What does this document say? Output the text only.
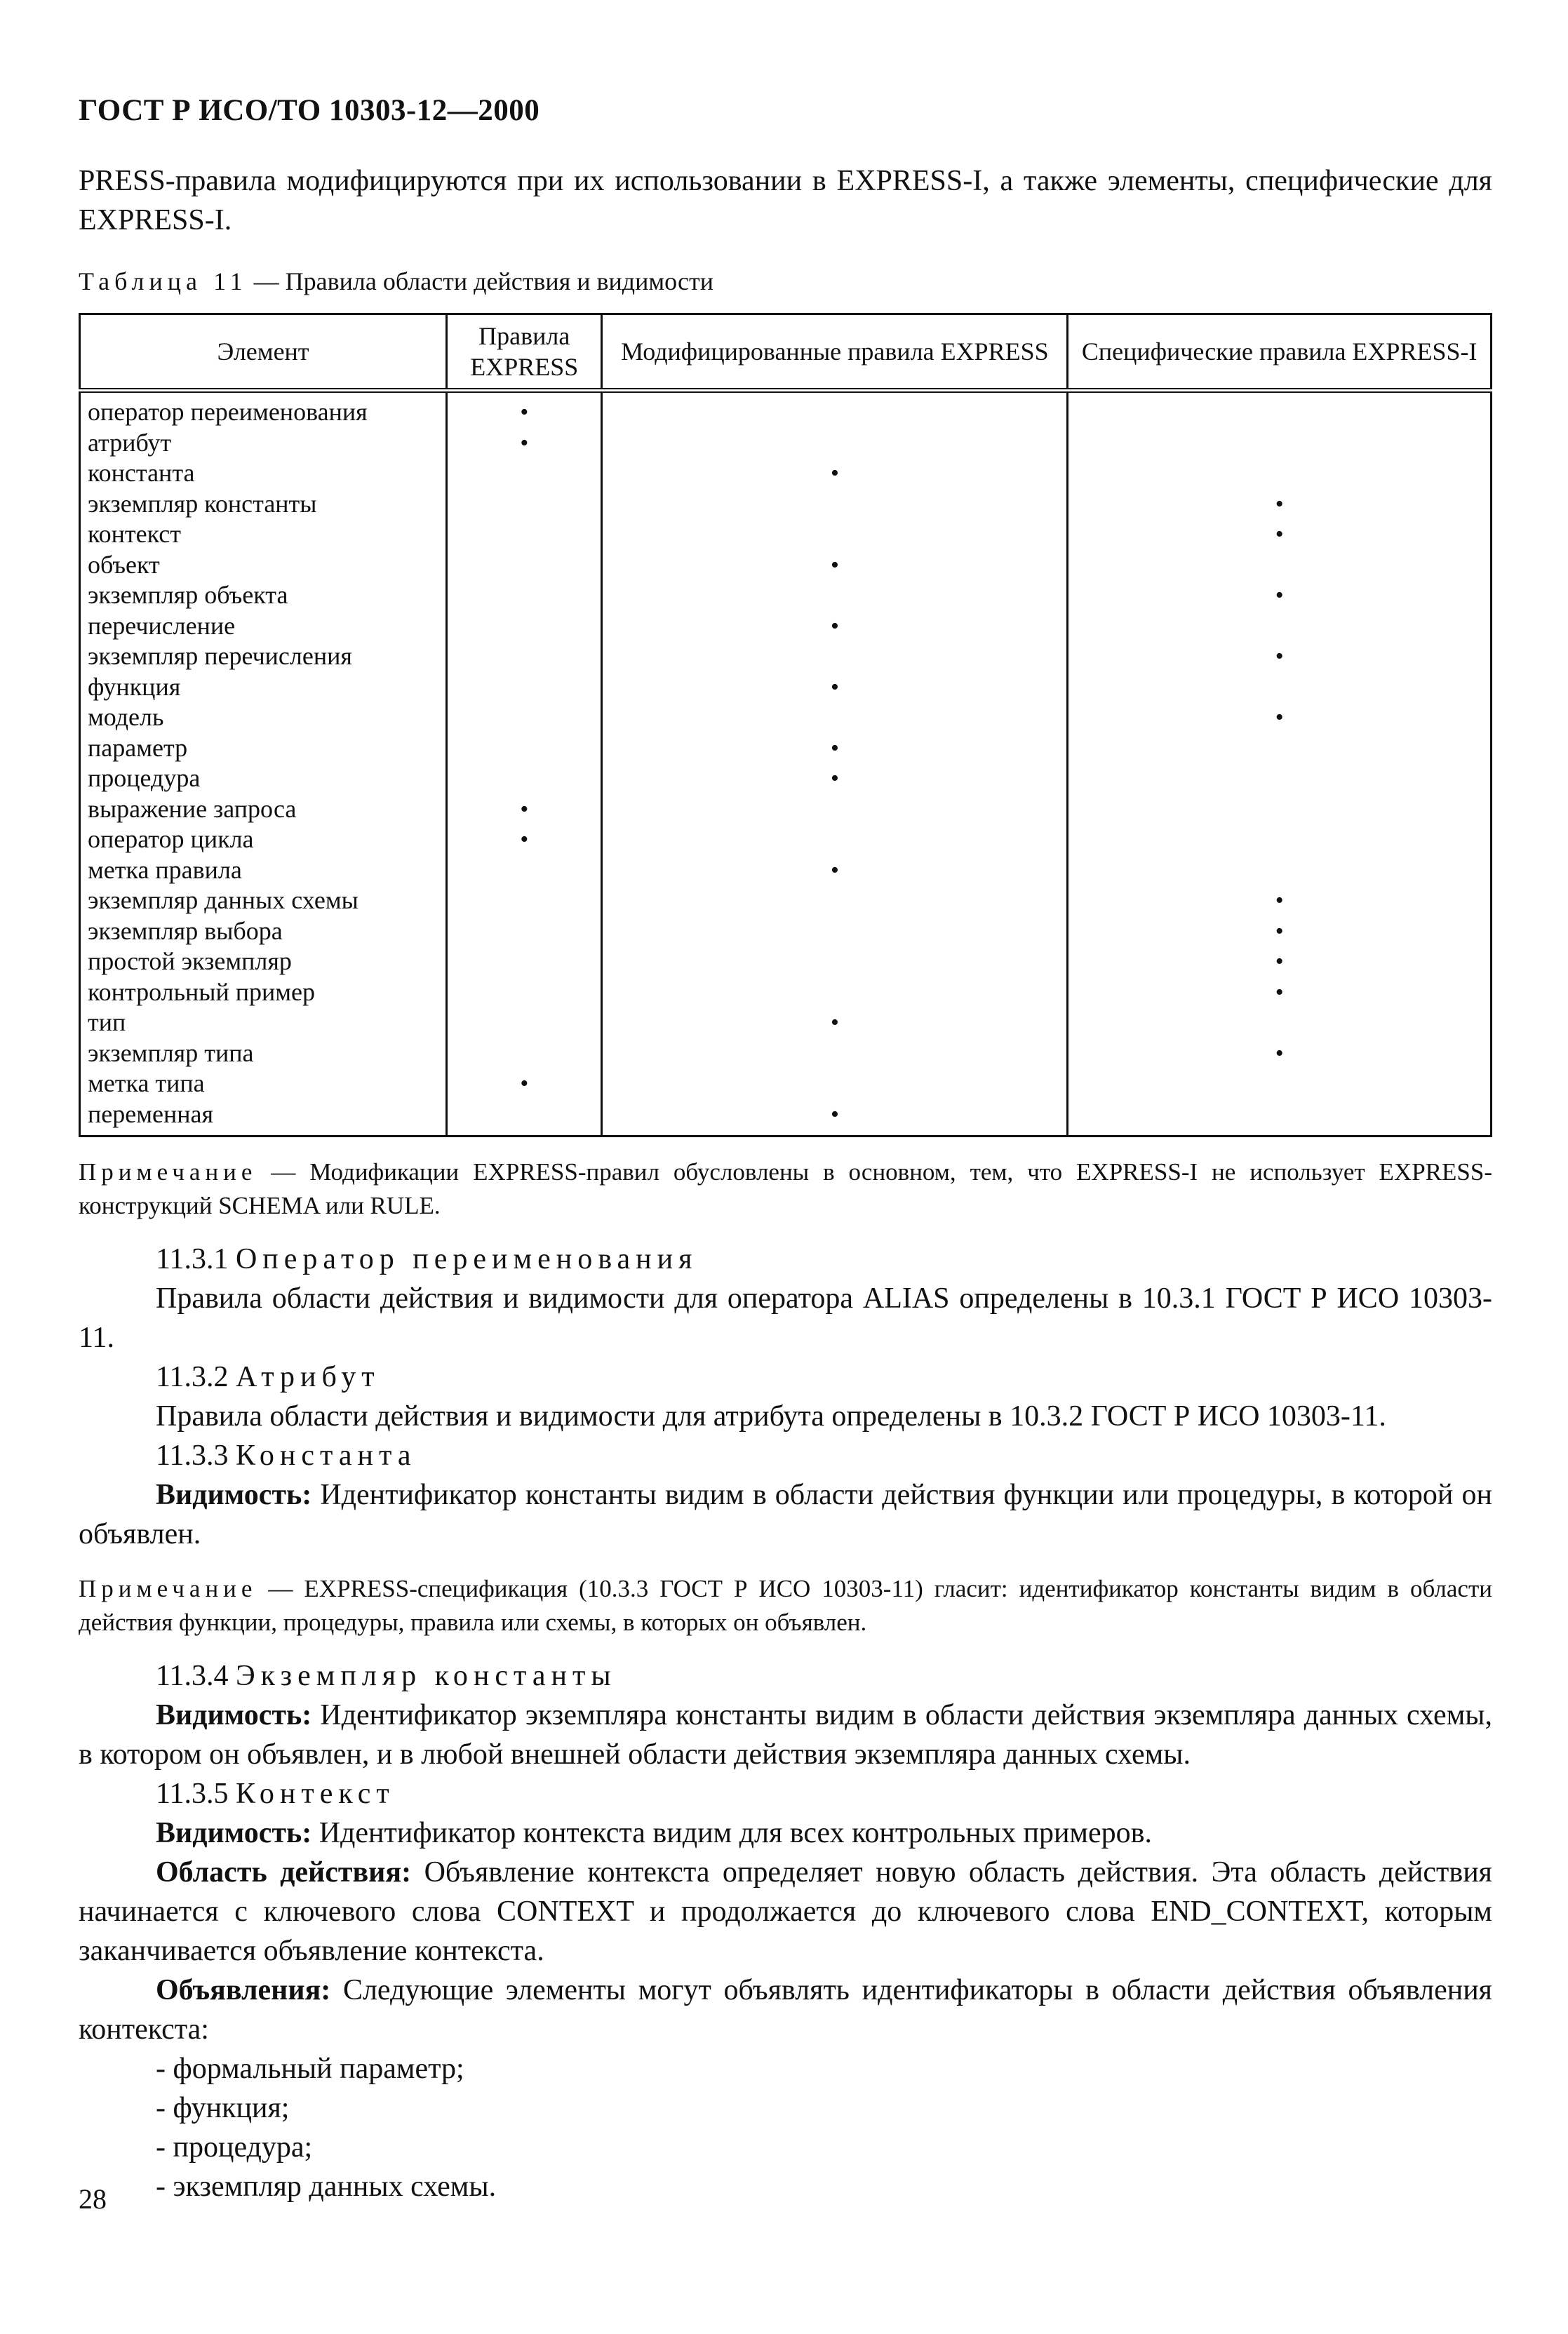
ГОСТ Р ИСО/ТО 10303-12—2000

PRESS-правила модифицируются при их использовании в EXPRESS-I, а также элементы, специфические для EXPRESS-I.

Таблица 11 — Правила области действия и видимости

Элемент	Правила EXPRESS	Модифицированные правила EXPRESS	Специфические правила EXPRESS-I
оператор переименования	•		
атрибут	•		
константа		•	
экземпляр константы			•
контекст			•
объект		•	
экземпляр объекта			•
перечисление		•	
экземпляр перечисления			•
функция		•	
модель			•
параметр		•	
процедура		•	
выражение запроса	•		
оператор цикла	•		
метка правила		•	
экземпляр данных схемы			•
экземпляр выбора			•
простой экземпляр			•
контрольный пример			•
тип		•	
экземпляр типа			•
метка типа	•		
переменная		•	

Примечание — Модификации EXPRESS-правил обусловлены в основном, тем, что EXPRESS-I не использует EXPRESS-конструкций SCHEMA или RULE.

11.3.1 Оператор переименования

Правила области действия и видимости для оператора ALIAS определены в 10.3.1 ГОСТ Р ИСО 10303-11.

11.3.2 Атрибут

Правила области действия и видимости для атрибута определены в 10.3.2 ГОСТ Р ИСО 10303-11.

11.3.3 Константа

Видимость: Идентификатор константы видим в области действия функции или процедуры, в которой он объявлен.

Примечание — EXPRESS-спецификация (10.3.3 ГОСТ Р ИСО 10303-11) гласит: идентификатор константы видим в области действия функции, процедуры, правила или схемы, в которых он объявлен.

11.3.4 Экземпляр константы

Видимость: Идентификатор экземпляра константы видим в области действия экземпляра данных схемы, в котором он объявлен, и в любой внешней области действия экземпляра данных схемы.

11.3.5 Контекст

Видимость: Идентификатор контекста видим для всех контрольных примеров.

Область действия: Объявление контекста определяет новую область действия. Эта область действия начинается с ключевого слова CONTEXT и продолжается до ключевого слова END_CONTEXT, которым заканчивается объявление контекста.

Объявления: Следующие элементы могут объявлять идентификаторы в области действия объявления контекста:

- формальный параметр;
- функция;
- процедура;
- экземпляр данных схемы.
28
